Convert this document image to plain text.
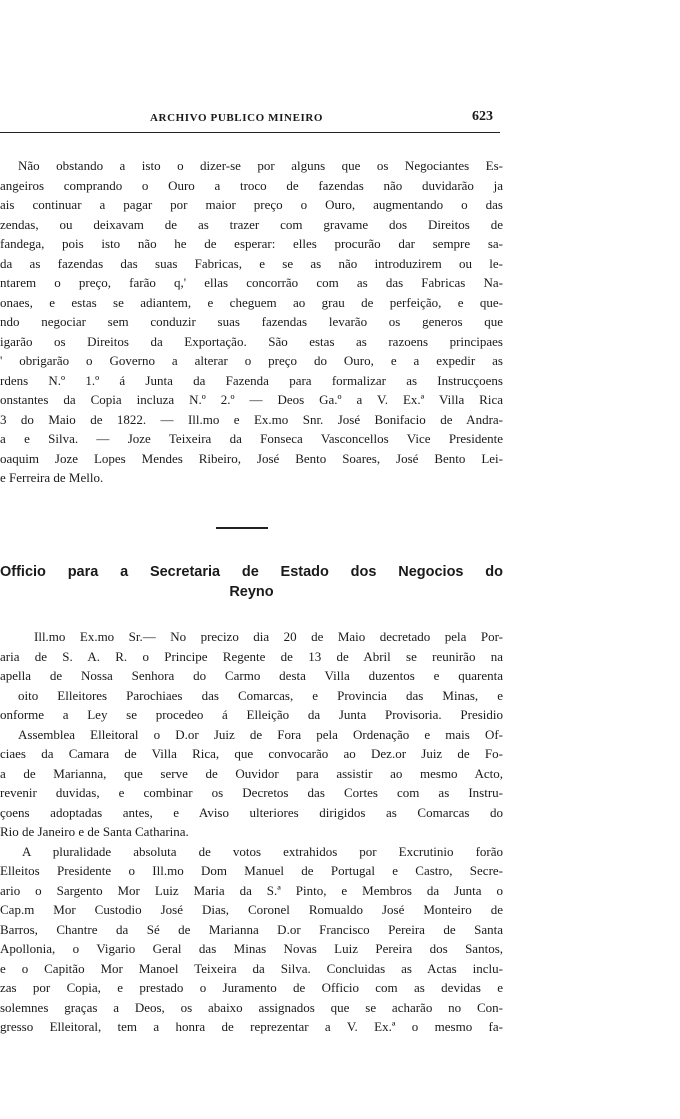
ARCHIVO PUBLICO MINEIRO	623
Não obstando a isto o dizer-se por alguns que os Negociantes Es-
angeiros comprando o Ouro a troco de fazendas não duvidarão ja
ais continuar a pagar por maior preço o Ouro, augmentando o das
zendas, ou deixavam de as trazer com gravame dos Direitos de
fandega, pois isto não he de esperar: elles procurão dar sempre sa-
da as fazendas das suas Fabricas, e se as não introduzirem ou le-
ntarem o preço, farão q,' ellas concorrão com as das Fabricas Na-
onaes, e estas se adiantem, e cheguem ao grau de perfeição, e que-
ndo negociar sem conduzir suas fazendas levarão os generos que
igarão os Direitos da Exportação. São estas as razoens principaes
' obrigarão o Governo a alterar o preço do Ouro, e a expedir as
rdens N.º 1.º á Junta da Fazenda para formalizar as Instrucçoens
onstantes da Copia incluza N.º 2.º — Deos Ga.º a V. Ex.ª Villa Rica
3 do Maio de 1822. — Ill.mo e Ex.mo Snr. José Bonifacio de Andra-
a e Silva. — Joze Teixeira da Fonseca Vasconcellos Vice Presidente
oaquim Joze Lopes Mendes Ribeiro, José Bento Soares, José Bento Lei-
e Ferreira de Mello.
Officio para a Secretaria de Estado dos Negocios do
Reyno
Ill.mo Ex.mo Sr.— No precizo dia 20 de Maio decretado pela Por-
aria de S. A. R. o Principe Regente de 13 de Abril se reunirão na
apella de Nossa Senhora do Carmo desta Villa duzentos e quarenta
oito Elleitores Parochiaes das Comarcas, e Provincia das Minas, e
onforme a Ley se procedeo á Elleição da Junta Provisoria. Presidio
Assemblea Elleitoral o D.or Juiz de Fora pela Ordenação e mais Of-
ciaes da Camara de Villa Rica, que convocarão ao Dez.or Juiz de Fo-
a de Marianna, que serve de Ouvidor para assistir ao mesmo Acto,
revenir duvidas, e combinar os Decretos das Cortes com as Instru-
çoens adoptadas antes, e Aviso ulteriores dirigidos as Comarcas do
Rio de Janeiro e de Santa Catharina.
A pluralidade absoluta de votos extrahidos por Excrutinio forão
Elleitos Presidente o Ill.mo Dom Manuel de Portugal e Castro, Secre-
ario o Sargento Mor Luiz Maria da S.ª Pinto, e Membros da Junta o
Cap.m Mor Custodio José Dias, Coronel Romualdo José Monteiro de
Barros, Chantre da Sé de Marianna D.or Francisco Pereira de Santa
Apollonia, o Vigario Geral das Minas Novas Luiz Pereira dos Santos,
e o Capitão Mor Manoel Teixeira da Silva. Concluidas as Actas inclu-
zas por Copia, e prestado o Juramento de Officio com as devidas e
solemnes graças a Deos, os abaixo assignados que se acharão no Con-
gresso Elleitoral, tem a honra de reprezentar a V. Ex.ª o mesmo fa-
